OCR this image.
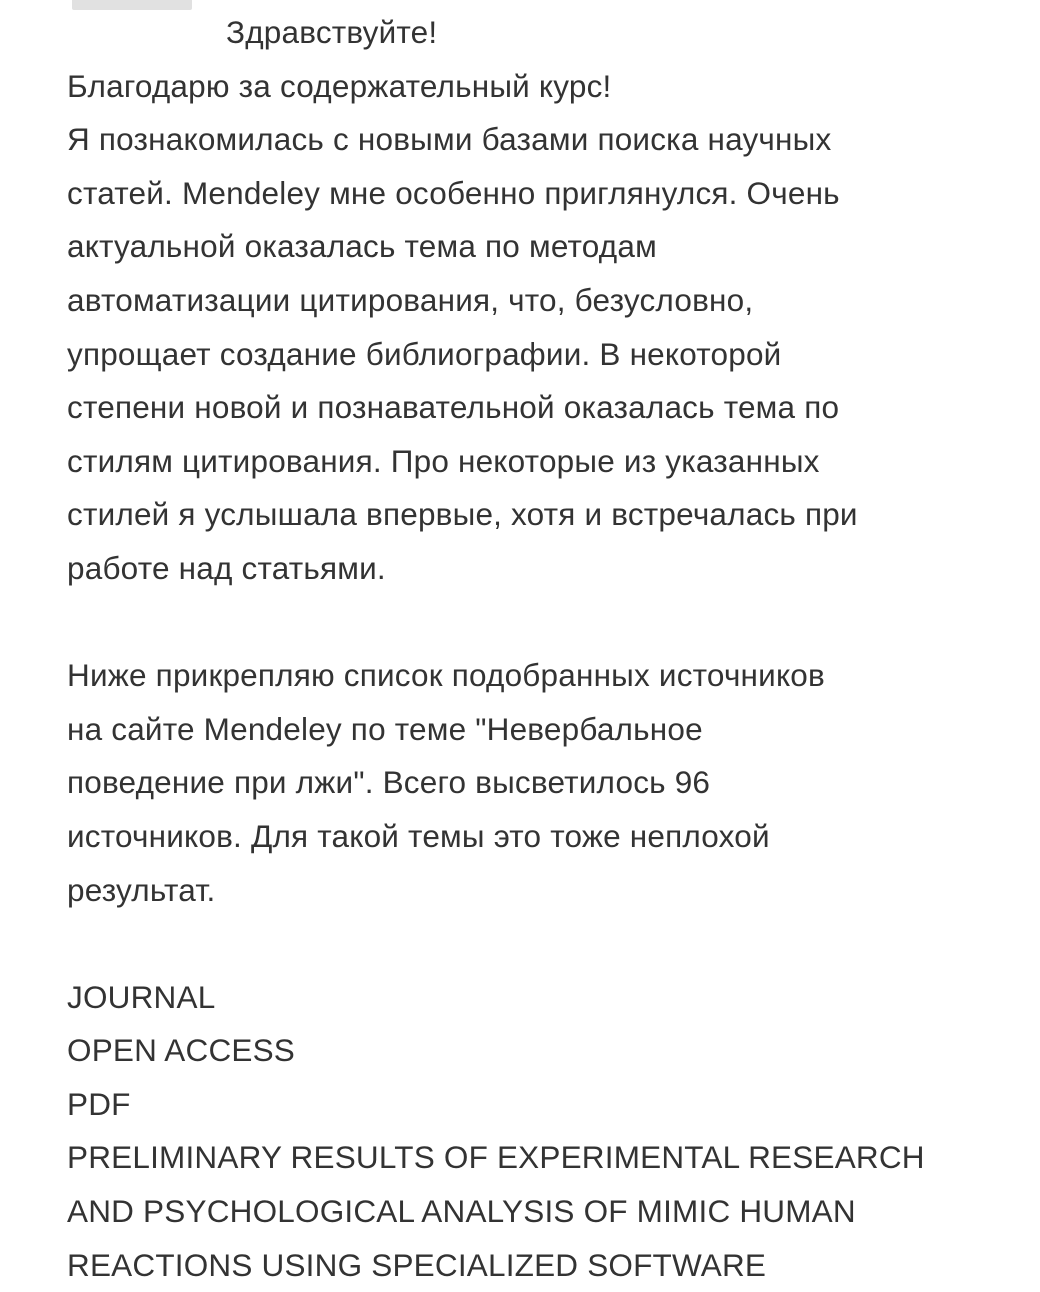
Здравствуйте!
Благодарю за содержательный курс!
Я познакомилась с новыми базами поиска научных
статей. Mendeley мне особенно приглянулся. Очень
актуальной оказалась тема по методам
автоматизации цитирования, что, безусловно,
упрощает создание библиографии. В некоторой
степени новой и познавательной оказалась тема по
стилям цитирования. Про некоторые из указанных
стилей я услышала впервые, хотя и встречалась при
работе над статьями.
Ниже прикрепляю список подобранных источников
на сайте Mendeley по теме "Невербальное
поведение при лжи". Всего высветилось 96
источников. Для такой темы это тоже неплохой
результат.
JOURNAL
OPEN ACCESS
PDF
PRELIMINARY RESULTS OF EXPERIMENTAL RESEARCH
AND PSYCHOLOGICAL ANALYSIS OF MIMIC HUMAN
REACTIONS USING SPECIALIZED SOFTWARE
